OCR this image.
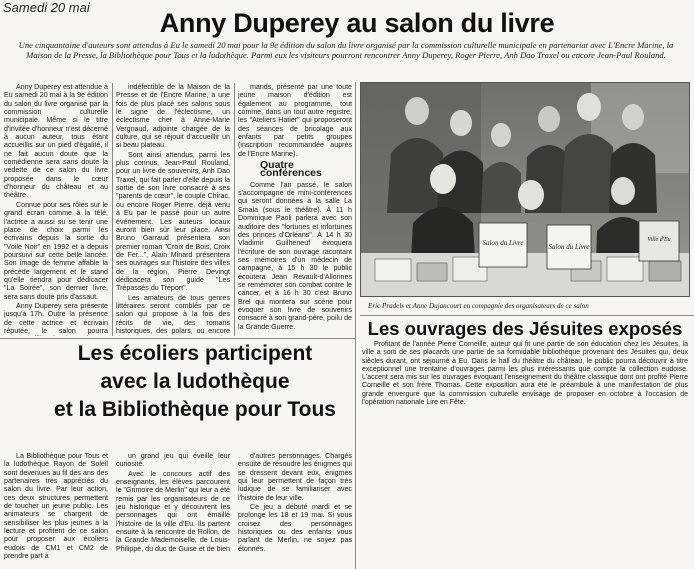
Samedi 20 mai
Anny Duperey au salon du livre
Une cinquantaine d'auteurs sont attendus à Eu le samedi 20 mai pour la 9e édition du salon du livre organisé par la commission culturelle municipale en partenariat avec L'Encre Marine, la Maison de la Presse, la Bibliothèque pour Tous et la ludothèque. Parmi eux les visiteurs pourront rencontrer Anny Duperey, Roger Pierre, Anh Dao Traxel ou encore Jean-Paul Rouland.

Anny Duperey est attendue à Eu samedi 20 mai à la 9e édition du salon du livre organisé par la commission culturelle municipale. Même si le titre d'invitée d'honneur n'est décerné à aucun auteur, tous étant accueillis sur un pied d'égalité, il ne fait aucun doute que la comédienne sera sans doute la vedette de ce salon du livre proposée dans le cœur d'honneur du château et au théâtre.

Connue pour ses rôles sur le grand écran comme à la télé, l'actrice a aussi su se tenir une place de choix parmi les écrivains depuis la sortie du "Voile Noir" en 1992 et a depuis poursuivi sur cette belle lancée. Son image de femme affable la précède largement et le stand qu'elle tiendra pour dédicacer "La Soirée", son dernier livre, sera sans doute pris d'assaut.

Anny Duperey sera présente jusqu'à 17h. Outre la présence de cette actrice et écrivain réputée, le salon pourra

indéfectible de la Maison de la Presse et de l'Encre Marine, a une fois de plus placé ses salons sous le signe de l'éclectisme, un éclectisme cher à Anne-Marie Vergnaud, adjointe chargée de la culture, qui se réjouit d'accueillir un si beau plateau.

Sont ainsi attendus, parmi les plus connus, Jean-Paul Rouland, pour un livre de souvenirs, Anh Dao Traxel, qui fait parler d'elle depuis la sortie de son livre consacré à ses "parents de cœur", le couple Chirac, ou encore Roger Pierre, déjà venu à Eu par le passé pour un autre événement. Les auteurs locaux auront bien sûr leur place. Ainsi Bruno Garraud présentera son premier roman "Croix de Bois, Croix de Fer...", Alain Minard présentera ses ouvrages sur l'histoire des villes de la région, Pierre Devingt dédicacera son guide "Les Trépassés du Tréport".

Les amateurs de tous genres littéraires seront comblés par ce salon qui propose à la fois des récits de vie, des romans historiques, des polars, ou encore

mands, présenté par une toute jeune maison d'édition est également au programme, tout comme, dans un tout autre registre, les "Ateliers Hatier" qui proposeront des séances de bricolage aux enfants par petits groupes (inscription recommandée auprès de l'Encre Marine).

Quatre conférences

Comme l'an passé, le salon s'accompagne de mini-conférences qui seront données à la salle La Smala (sous le théâtre). À 11 h Dominique Paoli parlera avec son auditoire des "fortunes et infortunes des princes d'Orléans". À 14 h 30 Vladimir Guilheneuf évoquera l'écriture de son ouvrage racontant ses mémoires d'un médecin de campagne, à 15 h 30 le public écoutera Jean Revault-d'Allonnes se remémorer son combat contre le cancer, et à 16 h 30 c'est Bruno Brel qui montera sur scène pour évoquer son livre de souvenirs consacré à son grand-père, poilu de la Grande Guerre.

Salon du Livre	Salon du Livre
Ville d'Eu
Eric Pradels et Anne Dujancourt en compagnie des organisateurs de ce salon
Les ouvrages des Jésuites exposés

Profitant de l'année Pierre Corneille, auteur qui fit une partie de son éducation chez les Jésuites, la ville a sorti de ses placards une partie de sa formidable bibliothèque provenant des Jésuites qui, deux siècles durant, ont séjourné à Eu. Dans le hall du théâtre du château, le public pourra découvrir à titre exceptionnel une trentaine d'ouvrages parmi les plus intéressants que compte la collection eudoise. L'accent sera mis sur les ouvrages évoquant l'enseignement du théâtre classique dont ont profité Pierre Corneille et son frère Thomas. Cette exposition aura été le préambule à une manifestation de plus grande envergure que la commission culturelle envisage de proposer en octobre à l'occasion de l'opération nationale Lire en Fête.

Les écoliers participent
avec la ludothèque
et la Bibliothèque pour Tous

La Bibliothèque pour Tous et la ludothèque Rayon de Soleil sont devenues au fil des ans des partenaires très appréciés du salon du livre. Par leur action, ces deux structures permettent de toucher un jeune public. Les animateurs se chargent de sensibiliser les plus jeunes à la lecture et profitent de ce salon pour proposer aux écoliers eudois de CM1 et CM2 de prendre part à

un grand jeu qui éveille leur curiosité.

Avec le concours actif des enseignants, les élèves parcourent le "Grimoire de Merlin" qui leur a été remis par les organisateurs de ce jeu historique et y découvrent les personnages qui ont émaillé l'histoire de la ville d'Eu. Ils partent ensuite à la rencontre de Rollon, de la Grande Mademoiselle, de Louis-Philippe, du duc de Guise et de bien

d'autres personnages. Chargés ensuite de résoudre les énigmes qui se dressent devant eux, énigmes qui leur permettent de façon très ludique de se familiariser avec l'histoire de leur ville.

Ce jeu a débuté mardi et se prolonge les 18 et 19 mai. Si vous croisez des personnages historiques ou des enfants vous parlant de Merlin, ne soyez pas étonnés.
